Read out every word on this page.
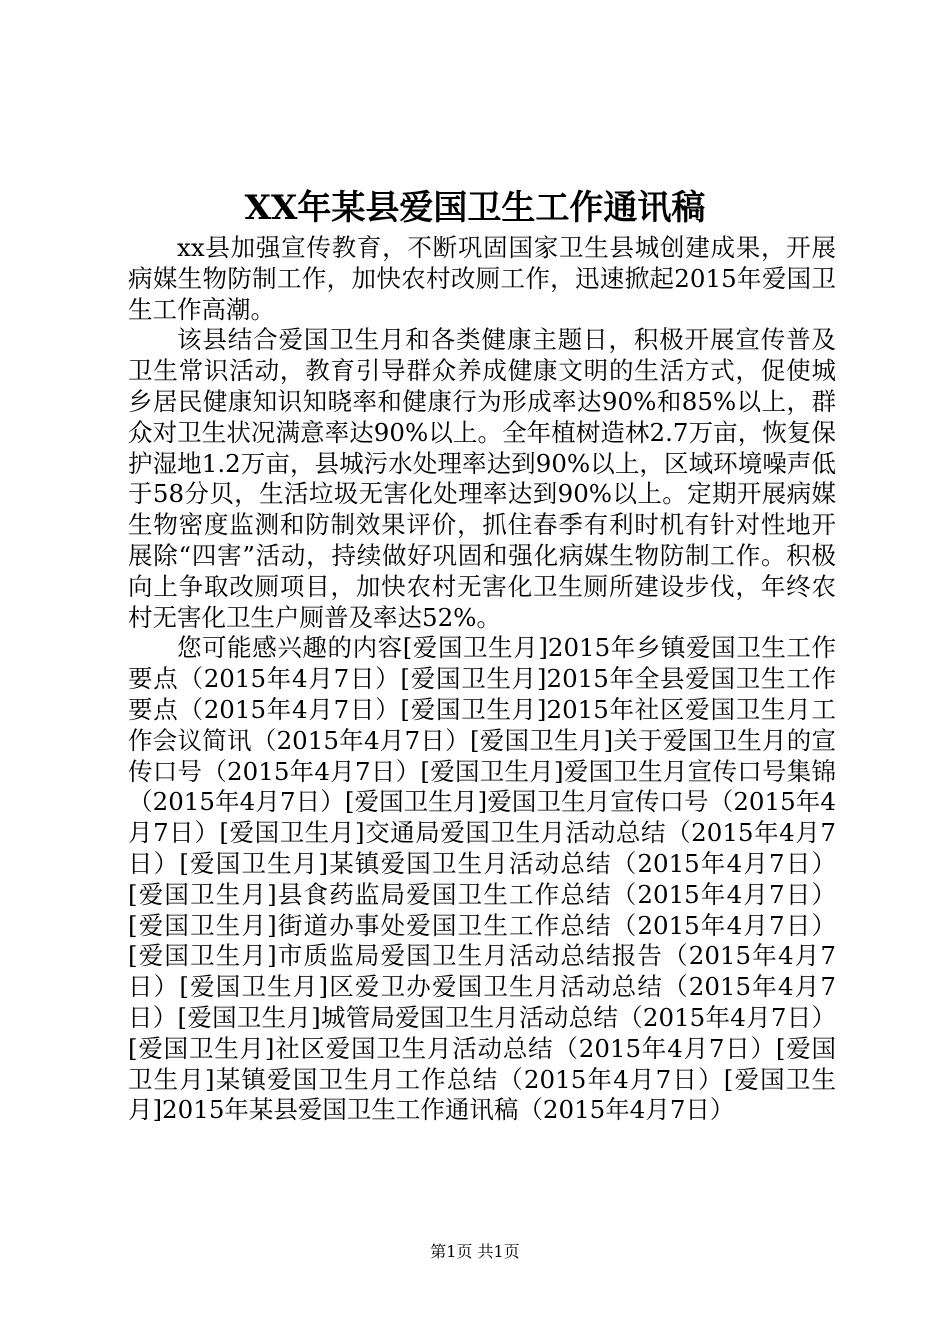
XX年某县爱国卫生工作通讯稿

xx县加强宣传教育，不断巩固国家卫生县城创建成果，开展病媒生物防制工作，加快农村改厕工作，迅速掀起2015年爱国卫生工作高潮。

该县结合爱国卫生月和各类健康主题日，积极开展宣传普及卫生常识活动，教育引导群众养成健康文明的生活方式，促使城乡居民健康知识知晓率和健康行为形成率达90%和85%以上，群众对卫生状况满意率达90%以上。全年植树造林2.7万亩，恢复保护湿地1.2万亩，县城污水处理率达到90%以上，区域环境噪声低于58分贝，生活垃圾无害化处理率达到90%以上。定期开展病媒生物密度监测和防制效果评价，抓住春季有利时机有针对性地开展除“四害”活动，持续做好巩固和强化病媒生物防制工作。积极向上争取改厕项目，加快农村无害化卫生厕所建设步伐，年终农村无害化卫生户厕普及率达52%。

您可能感兴趣的内容[爱国卫生月]2015年乡镇爱国卫生工作要点（2015年4月7日）[爱国卫生月]2015年全县爱国卫生工作要点（2015年4月7日）[爱国卫生月]2015年社区爱国卫生月工作会议简讯（2015年4月7日）[爱国卫生月]关于爱国卫生月的宣传口号（2015年4月7日）[爱国卫生月]爱国卫生月宣传口号集锦（2015年4月7日）[爱国卫生月]爱国卫生月宣传口号（2015年4月7日）[爱国卫生月]交通局爱国卫生月活动总结（2015年4月7日）[爱国卫生月]某镇爱国卫生月活动总结（2015年4月7日）[爱国卫生月]县食药监局爱国卫生工作总结（2015年4月7日）[爱国卫生月]街道办事处爱国卫生工作总结（2015年4月7日）[爱国卫生月]市质监局爱国卫生月活动总结报告（2015年4月7日）[爱国卫生月]区爱卫办爱国卫生月活动总结（2015年4月7日）[爱国卫生月]城管局爱国卫生月活动总结（2015年4月7日）[爱国卫生月]社区爱国卫生月活动总结（2015年4月7日）[爱国卫生月]某镇爱国卫生月工作总结（2015年4月7日）[爱国卫生月]2015年某县爱国卫生工作通讯稿（2015年4月7日）

第1页 共1页
